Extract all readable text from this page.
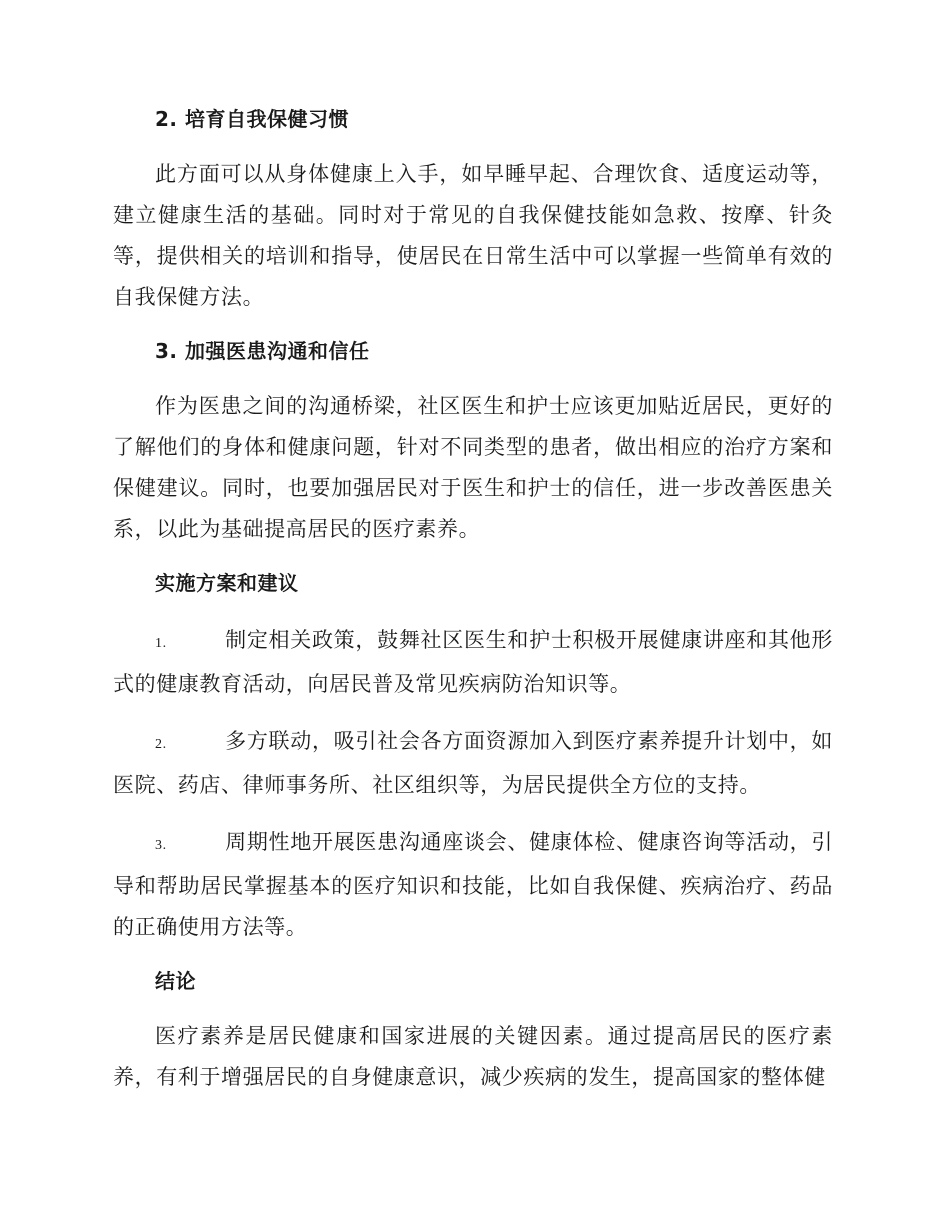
2. 培育自我保健习惯

此方面可以从身体健康上入手，如早睡早起、合理饮食、适度运动等，建立健康生活的基础。同时对于常见的自我保健技能如急救、按摩、针灸等，提供相关的培训和指导，使居民在日常生活中可以掌握一些简单有效的自我保健方法。

3. 加强医患沟通和信任

作为医患之间的沟通桥梁，社区医生和护士应该更加贴近居民，更好的了解他们的身体和健康问题，针对不同类型的患者，做出相应的治疗方案和保健建议。同时，也要加强居民对于医生和护士的信任，进一步改善医患关系，以此为基础提高居民的医疗素养。

实施方案和建议

1.	制定相关政策，鼓舞社区医生和护士积极开展健康讲座和其他形式的健康教育活动，向居民普及常见疾病防治知识等。

2.	多方联动，吸引社会各方面资源加入到医疗素养提升计划中，如医院、药店、律师事务所、社区组织等，为居民提供全方位的支持。

3.	周期性地开展医患沟通座谈会、健康体检、健康咨询等活动，引导和帮助居民掌握基本的医疗知识和技能，比如自我保健、疾病治疗、药品的正确使用方法等。

结论

医疗素养是居民健康和国家进展的关键因素。通过提高居民的医疗素养，有利于增强居民的自身健康意识，减少疾病的发生，提高国家的整体健
